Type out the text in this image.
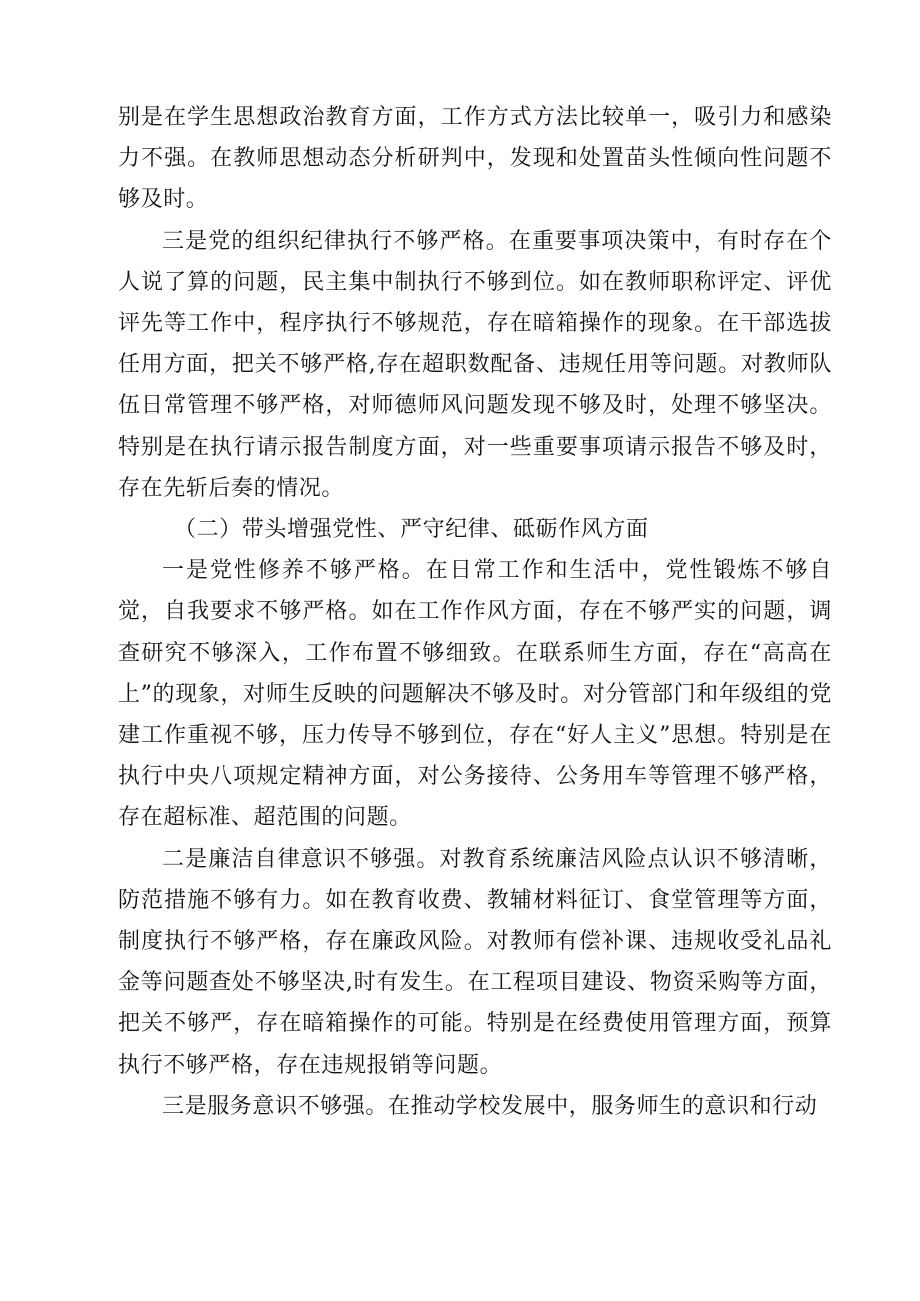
别是在学生思想政治教育方面，工作方式方法比较单一，吸引力和感染力不强。在教师思想动态分析研判中，发现和处置苗头性倾向性问题不够及时。

三是党的组织纪律执行不够严格。在重要事项决策中，有时存在个人说了算的问题，民主集中制执行不够到位。如在教师职称评定、评优评先等工作中，程序执行不够规范，存在暗箱操作的现象。在干部选拔任用方面，把关不够严格,存在超职数配备、违规任用等问题。对教师队伍日常管理不够严格，对师德师风问题发现不够及时，处理不够坚决。特别是在执行请示报告制度方面，对一些重要事项请示报告不够及时，存在先斩后奏的情况。

（二）带头增强党性、严守纪律、砥砺作风方面

一是党性修养不够严格。在日常工作和生活中，党性锻炼不够自觉，自我要求不够严格。如在工作作风方面，存在不够严实的问题，调查研究不够深入，工作布置不够细致。在联系师生方面，存在“高高在上”的现象，对师生反映的问题解决不够及时。对分管部门和年级组的党建工作重视不够，压力传导不够到位，存在“好人主义”思想。特别是在执行中央八项规定精神方面，对公务接待、公务用车等管理不够严格，存在超标准、超范围的问题。

二是廉洁自律意识不够强。对教育系统廉洁风险点认识不够清晰，防范措施不够有力。如在教育收费、教辅材料征订、食堂管理等方面，制度执行不够严格，存在廉政风险。对教师有偿补课、违规收受礼品礼金等问题查处不够坚决,时有发生。在工程项目建设、物资采购等方面，把关不够严，存在暗箱操作的可能。特别是在经费使用管理方面，预算执行不够严格，存在违规报销等问题。

三是服务意识不够强。在推动学校发展中，服务师生的意识和行动
